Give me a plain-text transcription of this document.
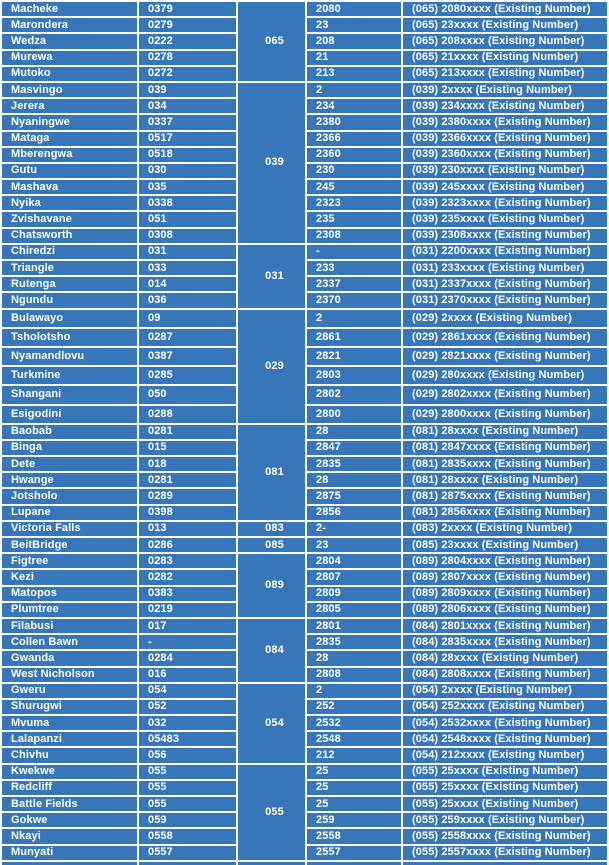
Macheke	0379	065	2080	(065) 2080xxxx (Existing Number)
Marondera	0279		23	(065) 23xxxx (Existing Number)
Wedza	0222		208	(065) 208xxxx (Existing Number)
Murewa	0278		21	(065) 21xxxx (Existing Number)
Mutoko	0272		213	(065) 213xxxx (Existing Number)
Masvingo	039	039	2	(039) 2xxxx (Existing Number)
Jerera	034		234	(039) 234xxxx (Existing Number)
Nyaningwe	0337		2380	(039) 2380xxxx (Existing Number)
Mataga	0517		2366	(039) 2366xxxx (Existing Number)
Mberengwa	0518		2360	(039) 2360xxxx (Existing Number)
Gutu	030		230	(039) 230xxxx (Existing Number)
Mashava	035		245	(039) 245xxxx (Existing Number)
Nyika	0338		2323	(039) 2323xxxx (Existing Number)
Zvishavane	051		235	(039) 235xxxx (Existing Number)
Chatsworth	0308		2308	(039) 2308xxxx (Existing Number)
Chiredzi	031	031	-	(031) 2200xxxx (Existing Number)
Triangle	033		233	(031) 233xxxx (Existing Number)
Rutenga	014		2337	(031) 2337xxxx (Existing Number)
Ngundu	036		2370	(031) 2370xxxx (Existing Number)
Bulawayo	09	029	2	(029) 2xxxx (Existing Number)
Tsholotsho	0287		2861	(029) 2861xxxx (Existing Number)
Nyamandlovu	0387		2821	(029) 2821xxxx (Existing Number)
Turkmine	0285		2803	(029) 280xxxx (Existing Number)
Shangani	050		2802	(029) 2802xxxx (Existing Number)
Esigodini	0288		2800	(029) 2800xxxx (Existing Number)
Baobab	0281	081	28	(081) 28xxxx (Existing Number)
Binga	015		2847	(081) 2847xxxx (Existing Number)
Dete	018		2835	(081) 2835xxxx (Existing Number)
Hwange	0281		28	(081) 28xxxx (Existing Number)
Jotsholo	0289		2875	(081) 2875xxxx (Existing Number)
Lupane	0398		2856	(081) 2856xxxx (Existing Number)
Victoria Falls	013	083	2-	(083) 2xxxx (Existing Number)
BeitBridge	0286	085	23	(085) 23xxxx (Existing Number)
Figtree	0283	089	2804	(089) 2804xxxx (Existing Number)
Kezi	0282		2807	(089) 2807xxxx (Existing Number)
Matopos	0383		2809	(089) 2809xxxx (Existing Number)
Plumtree	0219		2805	(089) 2806xxxx (Existing Number)
Filabusi	017	084	2801	(084) 2801xxxx (Existing Number)
Collen Bawn	-		2835	(084) 2835xxxx (Existing Number)
Gwanda	0284		28	(084) 28xxxx (Existing Number)
West Nicholson	016		2808	(084) 2808xxxx (Existing Number)
Gweru	054	054	2	(054) 2xxxx (Existing Number)
Shurugwi	052		252	(054) 252xxxx (Existing Number)
Mvuma	032		2532	(054) 2532xxxx (Existing Number)
Lalapanzi	05483		2548	(054) 2548xxxx (Existing Number)
Chivhu	056		212	(054) 212xxxx (Existing Number)
Kwekwe	055	055	25	(055) 25xxxx (Existing Number)
Redcliff	055		25	(055) 25xxxx (Existing Number)
Battle Fields	055		25	(055) 25xxxx (Existing Number)
Gokwe	059		259	(055) 259xxxx (Existing Number)
Nkayi	0558		2558	(055) 2558xxxx (Existing Number)
Munyati	0557		2557	(055) 2557xxxx (Existing Number)
